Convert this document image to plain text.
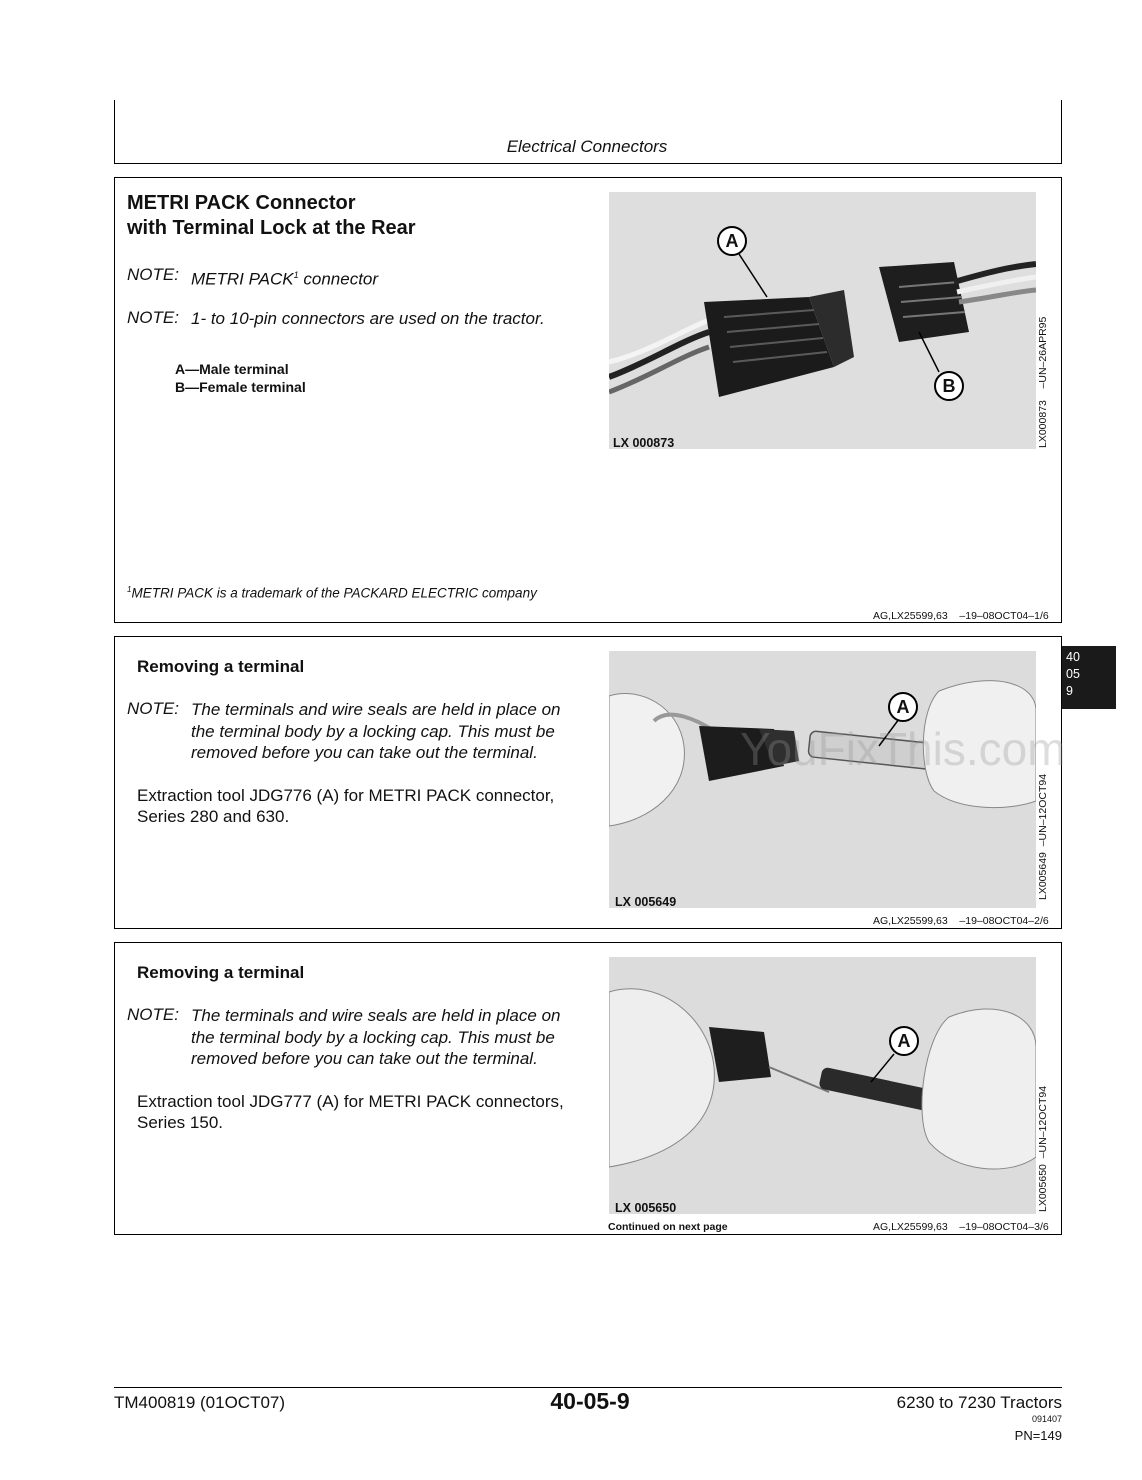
Electrical Connectors
METRI PACK Connector
with Terminal Lock at the Rear
NOTE: METRI PACK$^1$ connector
NOTE: 1- to 10-pin connectors are used on the tractor.
A—Male terminal
B—Female terminal
$^1$METRI PACK is a trademark of the PACKARD ELECTRIC company
AG,LX25599,63    –19–08OCT04–1/6
A
B
LX 000873	LX000873    –UN–26APR95
Removing a terminal
NOTE: The terminals and wire seals are held in place on
the terminal body by a locking cap. This must be
removed before you can take out the terminal.
Extraction tool JDG776 (A) for METRI PACK connector,
Series 280 and 630.
AG,LX25599,63    –19–08OCT04–2/6
A
LX 005649
LX005649  –UN–12OCT94
Removing a terminal
NOTE: The terminals and wire seals are held in place on
the terminal body by a locking cap. This must be
removed before you can take out the terminal.
Extraction tool JDG777 (A) for METRI PACK connectors,
Series 150.
Continued on next page	AG,LX25599,63    –19–08OCT04–3/6
A
LX 005650	LX005650  –UN–12OCT94
40
05
9
YouFixThis.com
TM400819 (01OCT07)	40-05-9	6230 to 7230 Tractors
091407
PN=149
